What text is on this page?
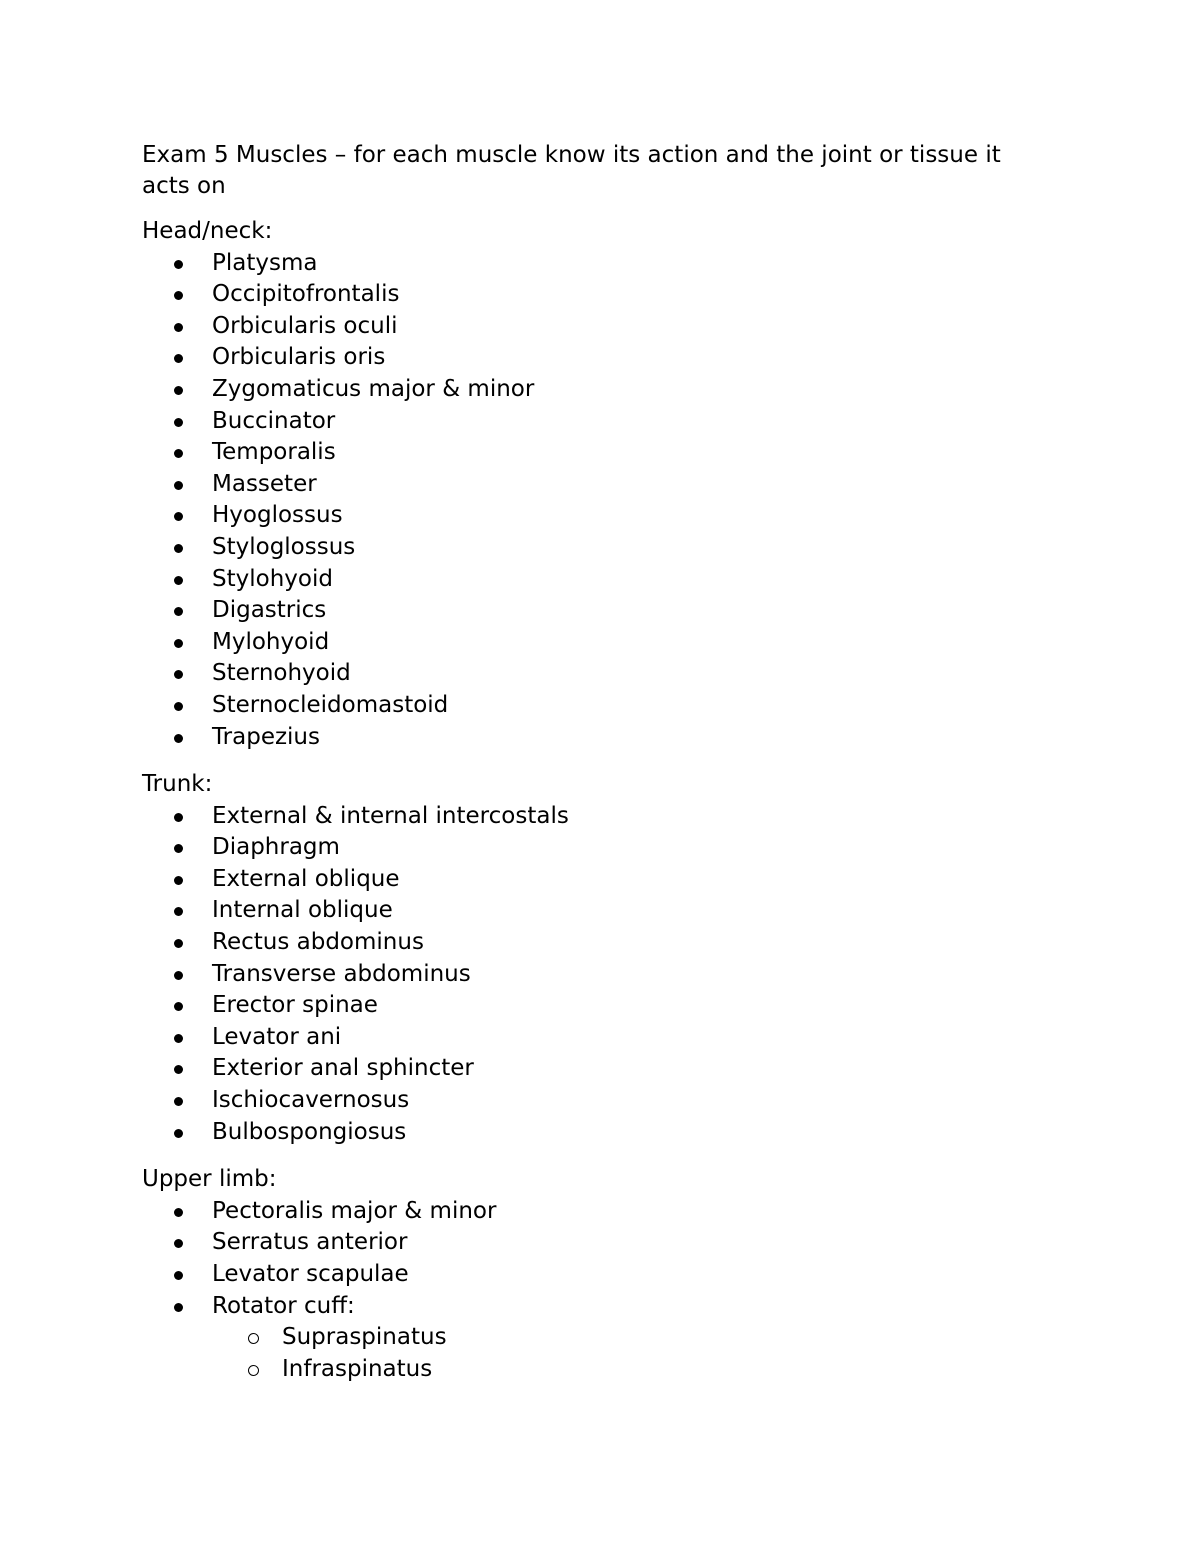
Exam 5 Muscles – for each muscle know its action and the joint or tissue it acts on

Head/neck:

Platysma
Occipitofrontalis
Orbicularis oculi
Orbicularis oris
Zygomaticus major & minor
Buccinator
Temporalis
Masseter
Hyoglossus
Styloglossus
Stylohyoid
Digastrics
Mylohyoid
Sternohyoid
Sternocleidomastoid
Trapezius

Trunk:

External & internal intercostals
Diaphragm
External oblique
Internal oblique
Rectus abdominus
Transverse abdominus
Erector spinae
Levator ani
Exterior anal sphincter
Ischiocavernosus
Bulbospongiosus

Upper limb:

Pectoralis major & minor
Serratus anterior
Levator scapulae
Rotator cuff:
Supraspinatus
Infraspinatus
